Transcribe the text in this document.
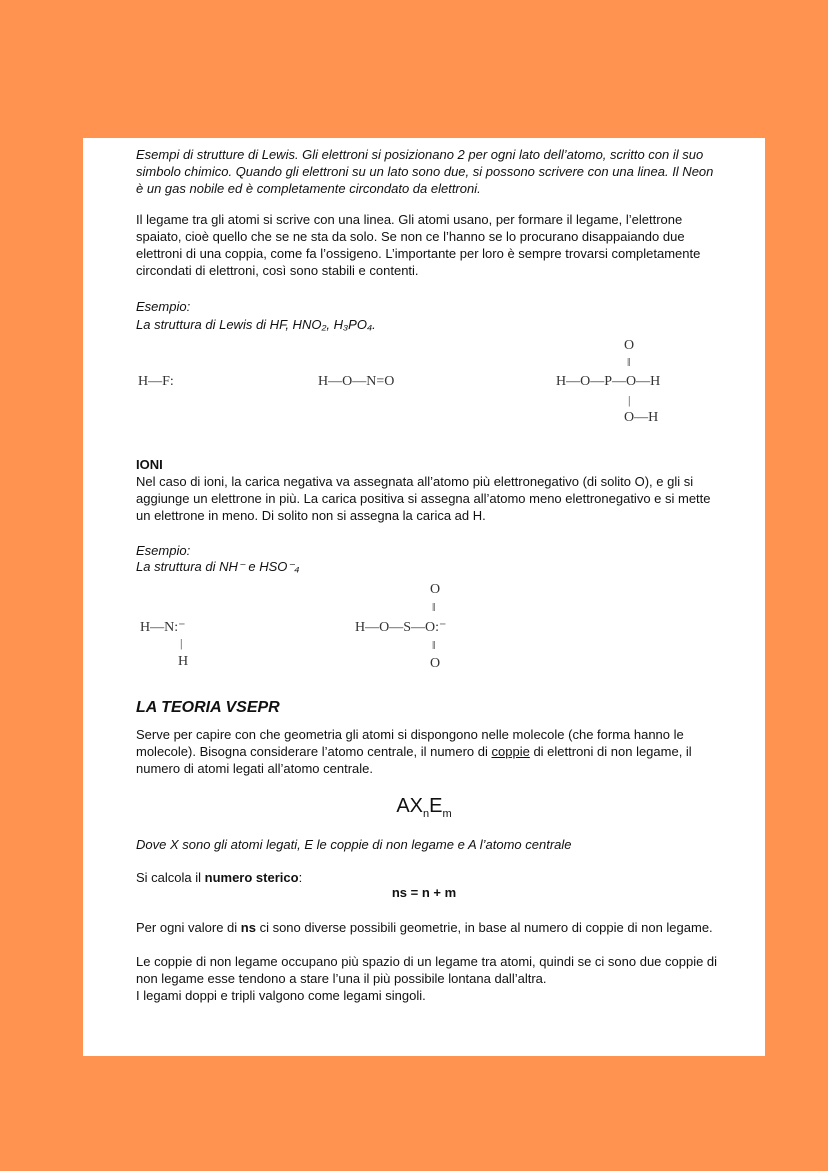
Esempi di strutture di Lewis. Gli elettroni si posizionano 2 per ogni lato dell’atomo, scritto con il suo simbolo chimico. Quando gli elettroni su un lato sono due, si possono scrivere con una linea. Il Neon è un gas nobile ed è completamente circondato da elettroni.

Il legame tra gli atomi si scrive con una linea. Gli atomi usano, per formare il legame, l’elettrone spaiato, cioè quello che se ne sta da solo. Se non ce l’hanno se lo procurano disappaiando due elettroni di una coppia, come fa l’ossigeno. L’importante per loro è sempre trovarsi completamente circondati di elettroni, così sono stabili e contenti.

Esempio:

La struttura di Lewis di HF, HNO₂, H₃PO₄.

H—F:	H—O—N=O
O
‖
H—O—P—O—H
|
O—H

IONI

Nel caso di ioni, la carica negativa va assegnata all’atomo più elettronegativo (di solito O), e gli si aggiunge un elettrone in più. La carica positiva si assegna all’atomo meno elettronegativo e si mette un elettrone in meno. Di solito non si assegna la carica ad H.

Esempio:

La struttura di NH⁻ e HSO⁻₄

H—N:⁻
|
H
O
‖
H—O—S—O:⁻
‖
O
LA TEORIA VSEPR

Serve per capire con che geometria gli atomi si dispongono nelle molecole (che forma hanno le molecole). Bisogna considerare l’atomo centrale, il numero di coppie di elettroni di non legame, il numero di atomi legati all’atomo centrale.

$AX_nE_m$

Dove X sono gli atomi legati, E le coppie di non legame e A l’atomo centrale

Si calcola il numero sterico:

ns = n + m

Per ogni valore di ns ci sono diverse possibili geometrie, in base al numero di coppie di non legame.

Le coppie di non legame occupano più spazio di un legame tra atomi, quindi se ci sono due coppie di non legame esse tendono a stare l’una il più possibile lontana dall’altra.

I legami doppi e tripli valgono come legami singoli.
